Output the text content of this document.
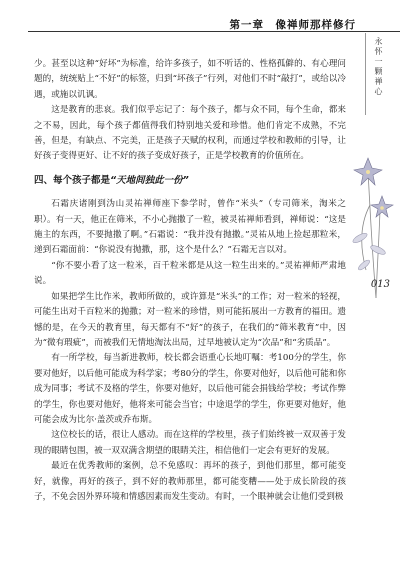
第一章　像禅师那样修行
永怀一颗禅心
013

少。甚至以这种“好坏”为标准，给许多孩子，如不听话的、性格孤僻的、有心理问题的，统统贴上“不好”的标签，归到“坏孩子”行列，对他们不时“敲打”，或给以冷遇，或施以讥讽。

这是教育的悲哀。我们似乎忘记了：每个孩子，都与众不同，每个生命，都来之不易，因此，每个孩子都值得我们特别地关爱和珍惜。他们肯定不成熟，不完善，但是，有缺点、不完美，正是孩子天赋的权利，而通过学校和教师的引导，让好孩子变得更好、让不好的孩子变成好孩子，正是学校教育的价值所在。

四、每个孩子都是“天地间独此一份”

石霜庆诸刚到沩山灵祐禅师座下参学时，曾作“米头”（专司筛米，淘米之职）。有一天，他正在筛米，不小心抛撒了一粒，被灵祐禅师看到，禅师说：“这是施主的东西，不要抛撒了啊。”石霜说：“我并没有抛撒。”灵祐从地上捡起那粒米，递到石霜面前：“你说没有抛撒，那，这个是什么？”石霜无言以对。

“你不要小看了这一粒米，百千粒米都是从这一粒生出来的。”灵祐禅师严肃地说。

如果把学生比作米，教师所做的，或许算是“米头”的工作；对一粒米的轻视，可能生出对千百粒米的抛撒；对一粒米的珍惜，则可能拓展出一方教育的福田。遗憾的是，在今天的教育里，每天都有不“好”的孩子，在我们的“筛米教育”中，因为“微有瑕疵”，而被我们无情地淘汰出局，过早地被认定为“次品”和“劣质品”。

有一所学校，每当新进教师，校长都会语重心长地叮嘱：考100分的学生，你要对他好，以后他可能成为科学家；考80分的学生，你要对他好，以后他可能和你成为同事；考试不及格的学生，你要对他好，以后他可能会捐钱给学校；考试作弊的学生，你也要对他好，他将来可能会当官；中途退学的学生，你更要对他好，他可能会成为比尔·盖茨或乔布斯。

这位校长的话，很让人感动。而在这样的学校里，孩子们始终被一双双善于发现的眼睛包围，被一双双满含期望的眼睛关注，相信他们一定会有更好的发展。

最近在优秀教师的案例，总不免感叹：再坏的孩子，到他们那里，都可能变好，就像，再好的孩子，到不好的教师那里，都可能变糟——处于成长阶段的孩子，不免会因外界环境和情感因素而发生变动。有时，一个眼神就会让他们受到极
